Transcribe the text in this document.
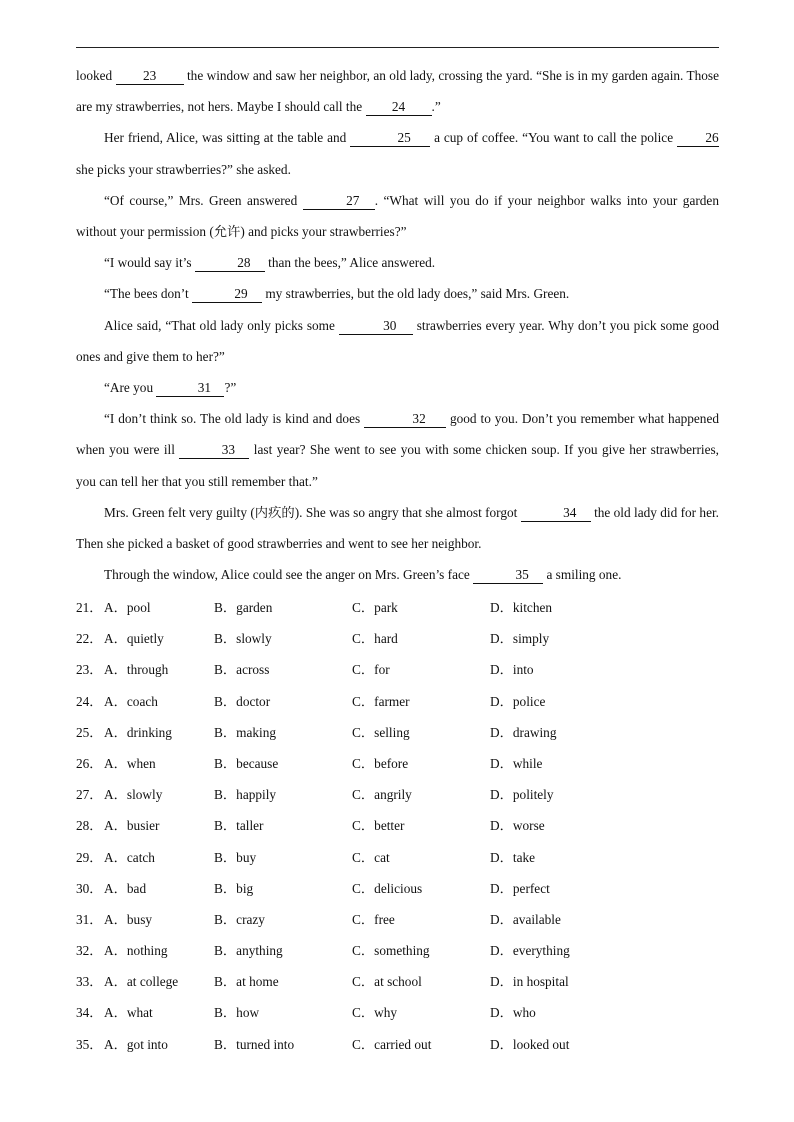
looked 23 the window and saw her neighbor, an old lady, crossing the yard. “She is in my garden again. Those are my strawberries, not hers. Maybe I should call the 24 .”

Her friend, Alice, was sitting at the table and	25 a cup of coffee. “You want to call the police 26 she picks your strawberries?” she asked.

“Of course,” Mrs. Green answered	27 . “What will you do if your neighbor walks into your garden without your permission (允许) and picks your strawberries?”

“I would say it’s	28 than the bees,” Alice answered.

“The bees don’t	29 my strawberries, but the old lady does,” said Mrs. Green.

Alice said, “That old lady only picks some	30 strawberries every year. Why don’t you pick some good ones and give them to her?”

“Are you	31 ?”

“I don’t think so. The old lady is kind and does	32 good to you. Don’t you remember what happened when you were ill	33 last year? She went to see you with some chicken soup. If you give her strawberries, you can tell her that you still remember that.”

Mrs. Green felt very guilty (内疚的). She was so angry that she almost forgot	34 the old lady did for her. Then she picked a basket of good strawberries and went to see her neighbor.

Through the window, Alice could see the anger on Mrs. Green’s face	35 a smiling one.

21． A．pool	B．garden	C．park	D．kitchen
22． A．quietly	B．slowly	C．hard	D．simply
23． A．through	B．across	C．for	D．into
24． A．coach	B．doctor	C．farmer	D．police
25． A．drinking	B．making	C．selling	D．drawing
26． A．when	B．because	C．before	D．while
27． A．slowly	B．happily	C．angrily	D．politely
28． A．busier	B．taller	C．better	D．worse
29． A．catch	B．buy	C．cat	D．take
30． A．bad	B．big	C．delicious	D．perfect
31． A．busy	B．crazy	C．free	D．available
32． A．nothing	B．anything	C．something	D．everything
33． A．at college	B．at home	C．at school	D．in hospital
34． A．what	B．how	C．why	D．who
35． A．got into	B．turned into	C．carried out	D．looked out
